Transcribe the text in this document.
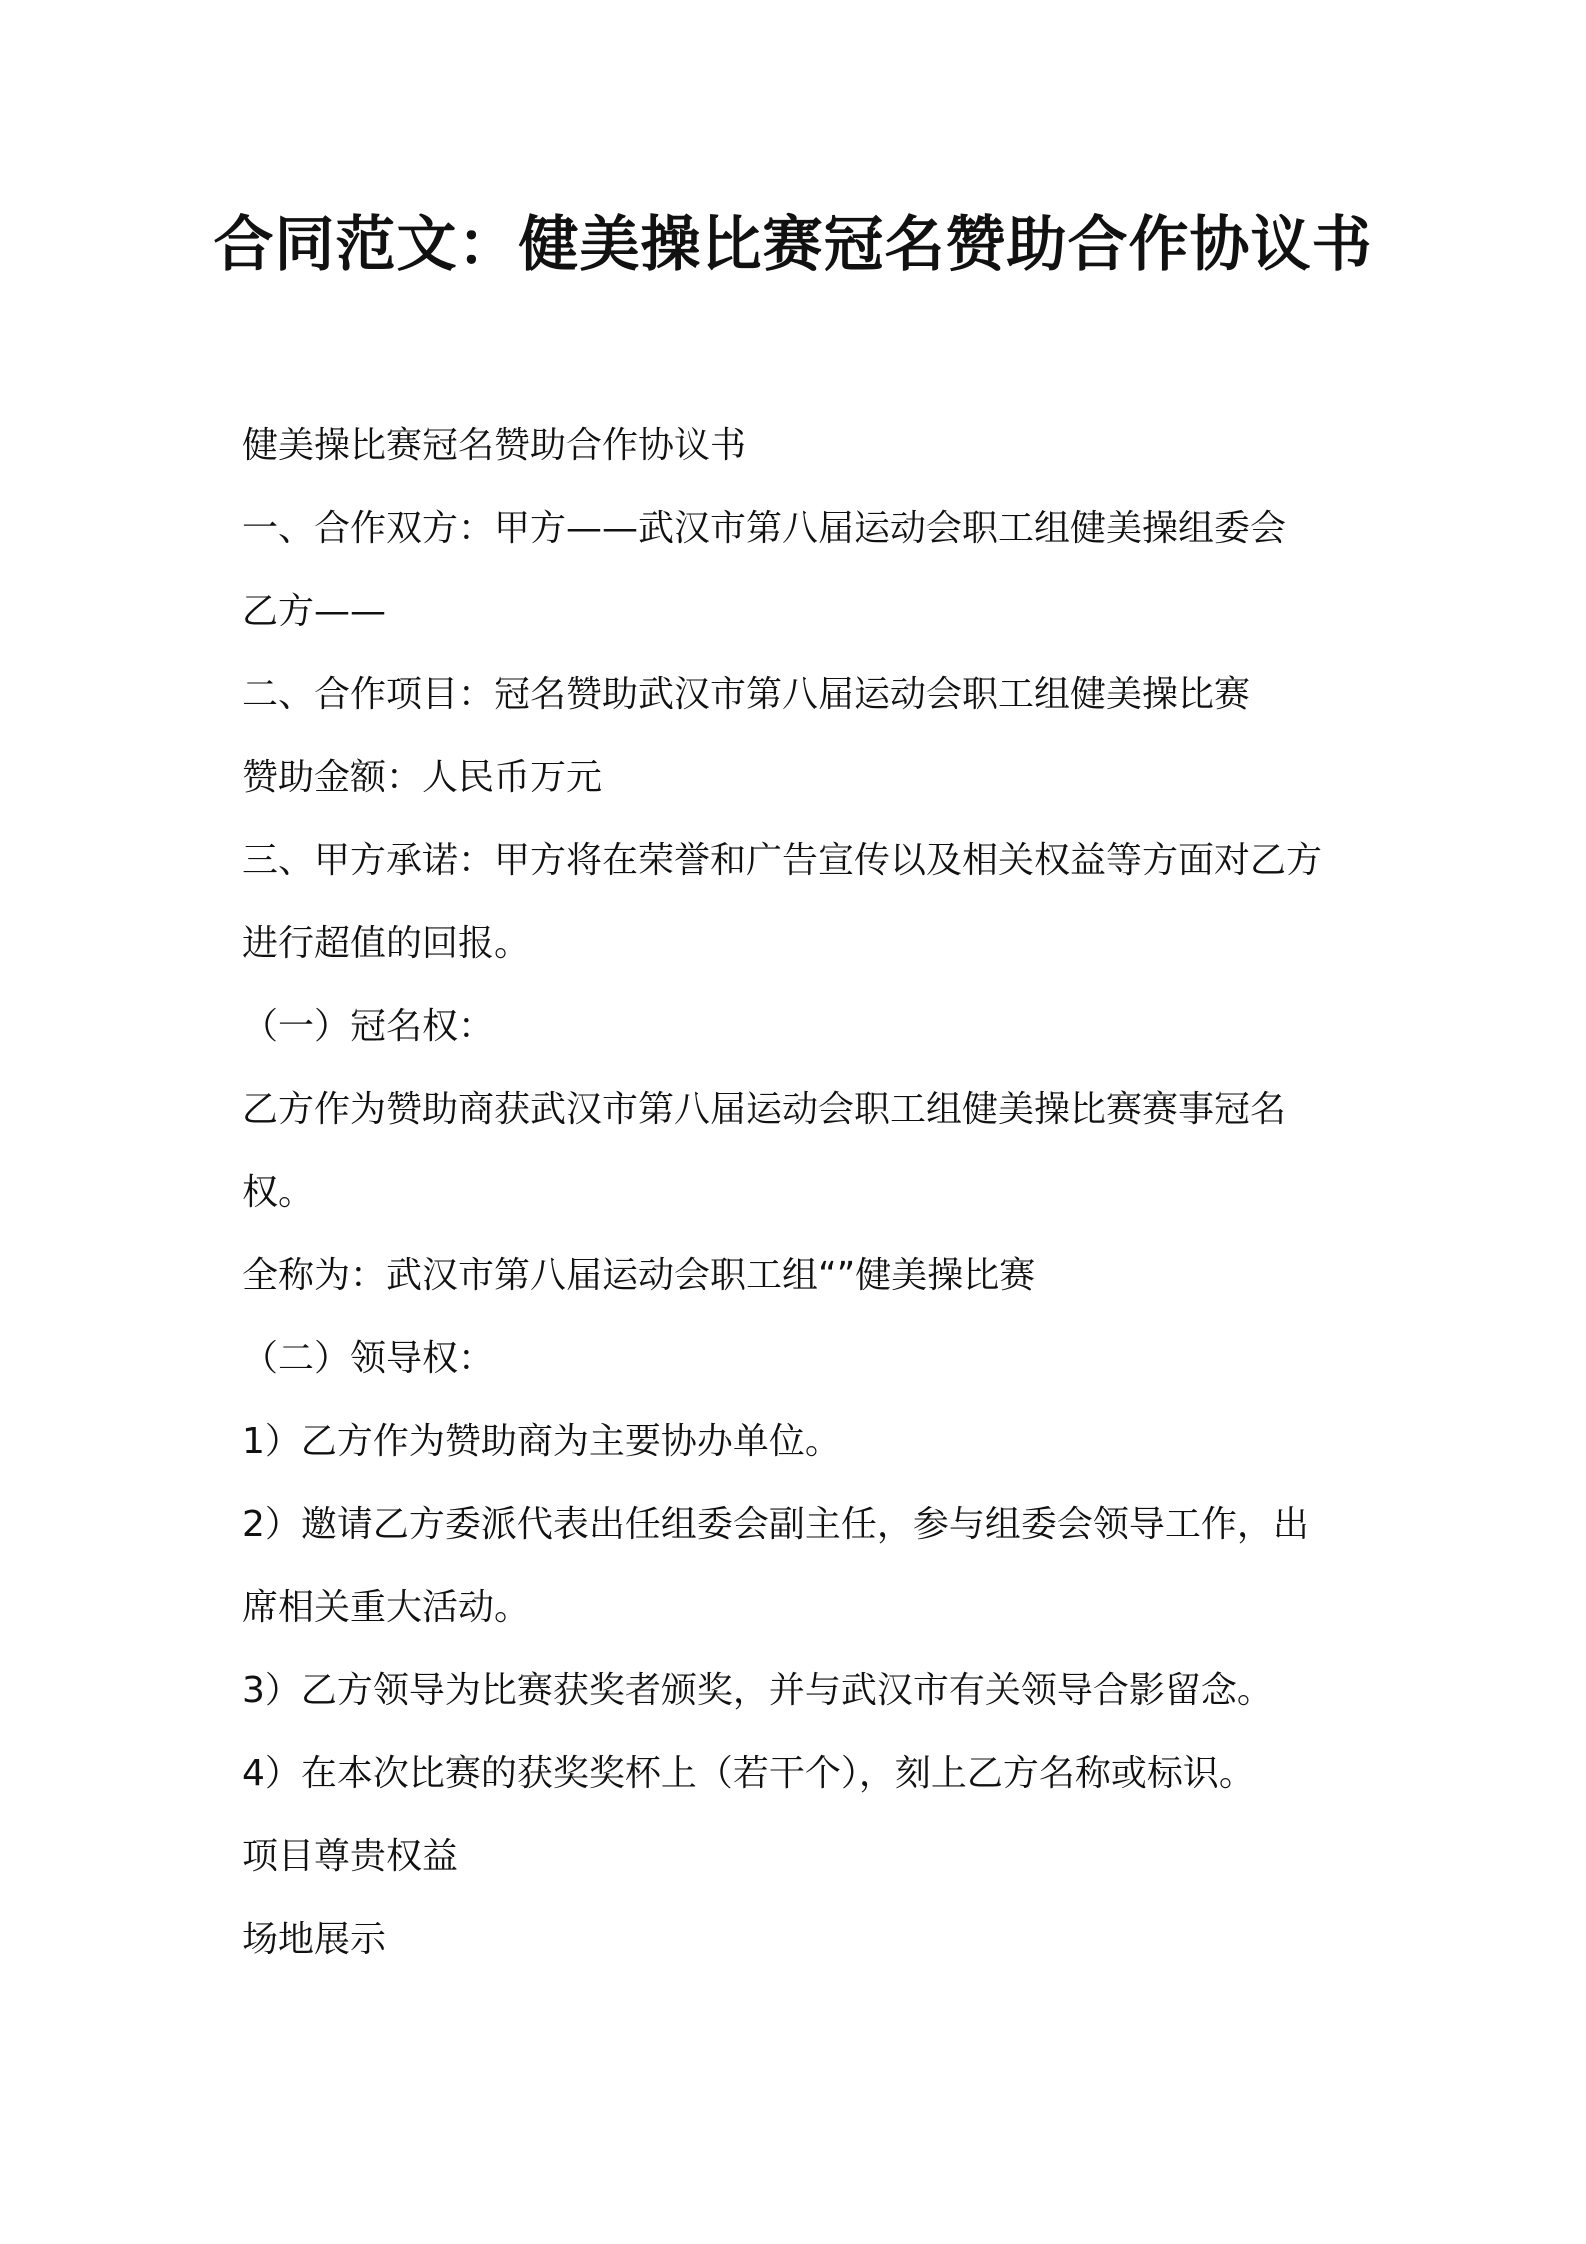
合同范文：健美操比赛冠名赞助合作协议书

健美操比赛冠名赞助合作协议书

一、合作双方：甲方——武汉市第八届运动会职工组健美操组委会

乙方——

二、合作项目：冠名赞助武汉市第八届运动会职工组健美操比赛

赞助金额：人民币万元

三、甲方承诺：甲方将在荣誉和广告宣传以及相关权益等方面对乙方

进行超值的回报。

（一）冠名权：

乙方作为赞助商获武汉市第八届运动会职工组健美操比赛赛事冠名

权。

全称为：武汉市第八届运动会职工组“”健美操比赛

（二）领导权：

1）乙方作为赞助商为主要协办单位。

2）邀请乙方委派代表出任组委会副主任，参与组委会领导工作，出

席相关重大活动。

3）乙方领导为比赛获奖者颁奖，并与武汉市有关领导合影留念。

4）在本次比赛的获奖奖杯上（若干个），刻上乙方名称或标识。

项目尊贵权益

场地展示
